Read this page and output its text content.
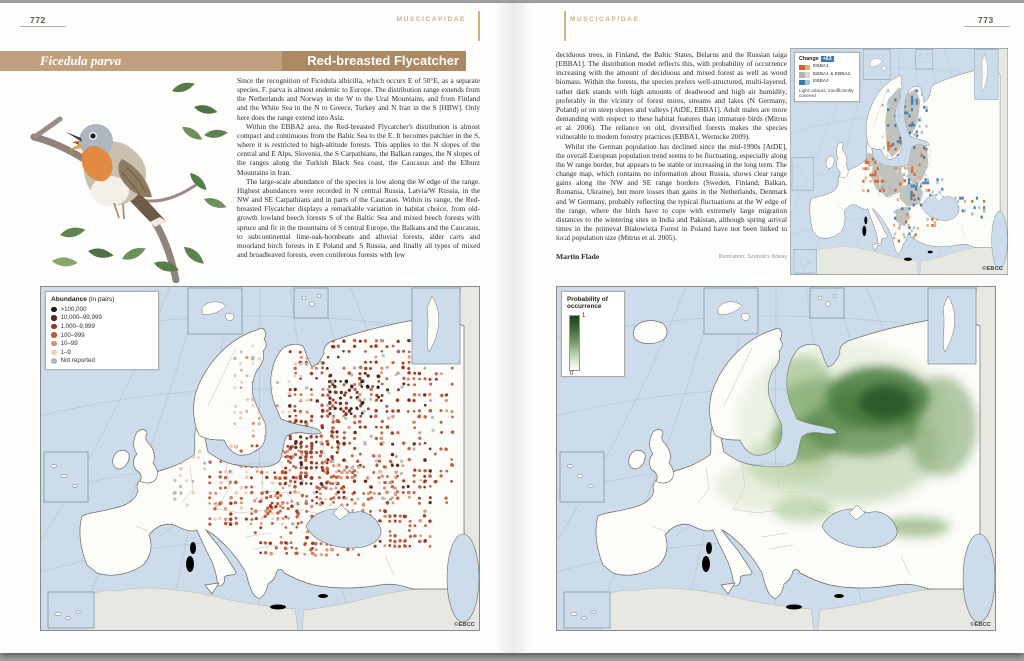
772	MUSCICAPIDAE
Ficedula parva	Red-breasted Flycatcher

Since the recognition of Ficedula albicilla, which occurs E of 50°E, as a separate species, F. parva is almost endemic to Europe. The distribution range extends from the Netherlands and Norway in the W to the Ural Mountains, and from Finland and the White Sea in the N to Greece, Turkey and N Iran in the S [HBW]. Only here does the range extend into Asia.

Within the EBBA2 area, the Red-breasted Flycatcher's distribution is almost compact and continuous from the Baltic Sea to the E. It becomes patchier in the S, where it is restricted to high-altitude forests. This applies to the N slopes of the central and E Alps, Slovenia, the S Carpathians, the Balkan ranges, the N slopes of the ranges along the Turkish Black Sea coast, the Caucasus and the Elburz Mountains in Iran.

The large-scale abundance of the species is low along the W edge of the range. Highest abundances were recorded in N central Russia, Latvia/W Russia, in the NW and SE Carpathians and in parts of the Caucasus. Within its range, the Red-breasted Flycatcher displays a remarkable variation in habitat choice, from old-growth lowland beech forests S of the Baltic Sea and mixed beech forests with spruce and fir in the mountains of S central Europe, the Balkans and the Caucasus, to subcontinental lime-oak-hornbeam and alluvial forests, alder carrs and moorland birch forests in E Poland and S Russia, and finally all types of mixed and broadleaved forests, even coniferous forests with few

Abundance (in pairs)
>100,000
10,000–99,999
1,000–9,999
100–999
10–99
1–9
Not reported
©EBCC
MUSCICAPIDAE	773

deciduous trees, in Finland, the Baltic States, Belarus and the Russian taiga [EBBA1]. The distribution model reflects this, with probability of occurrence increasing with the amount of deciduous and mixed forest as well as wood biomass. Within the forests, the species prefers well-structured, multi-layered, rather dark stands with high amounts of deadwood and high air humidity, preferably in the vicinity of forest mires, streams and lakes (N Germany, Poland) or on steep slopes and valleys [AtDE, EBBA1]. Adult males are more demanding with respect to these habitat features than immature birds (Mitrus et al. 2006). The reliance on old, diversified forests makes the species vulnerable to modern forestry practices (EBBA1, Wernicke 2009).

Whilst the German population has declined since the mid-1990s [AtDE], the overall European population trend seems to be fluctuating, especially along the W range border, but appears to be stable or increasing in the long term. The change map, which contains no information about Russia, shows clear range gains along the NW and SE range borders (Sweden, Finland; Balkan, Romania, Ukraine), but more losses than gains in the Netherlands, Denmark and W Germany, probably reflecting the typical fluctuations at the W edge of the range, where the birds have to cope with extremely large migration distances to the wintering sites in India and Pakistan, although spring arrival times in the primeval Białowieża Forest in Poland have not been linked to local population size (Mitrus et al. 2005).

Martin Flade	Illustration: Szabolcs Kókay
Change +63
EBBA1
EBBA1 & EBBA2
EBBA2
Light colours: insufficiently covered
©EBCC
Probability of occurrence
1
0
©EBCC
